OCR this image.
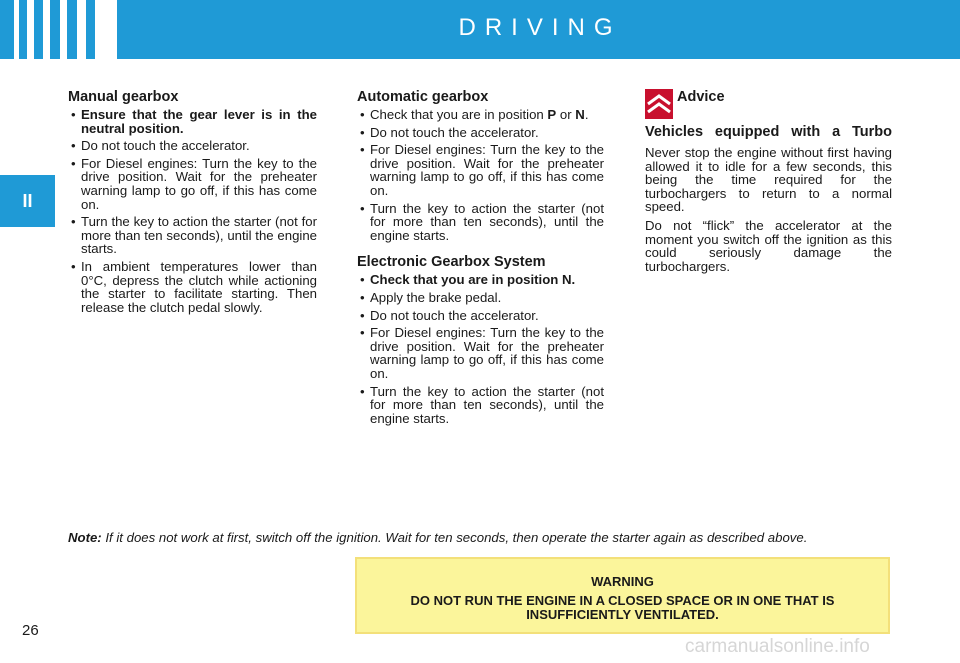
DRIVING
II
Manual gearbox
• Ensure that the gear lever is in the neutral position.
• Do not touch the accelerator.
• For Diesel engines: Turn the key to the drive position. Wait for the preheater warning lamp to go off, if this has come on.
• Turn the key to action the starter (not for more than ten seconds), until the engine starts.
• In ambient temperatures lower than 0°C, depress the clutch while actioning the starter to facilitate starting. Then release the clutch pedal slowly.
Automatic gearbox
• Check that you are in position P or N.
• Do not touch the accelerator.
• For Diesel engines: Turn the key to the drive position. Wait for the preheater warning lamp to go off, if this has come on.
• Turn the key to action the starter (not for more than ten seconds), until the engine starts.
Electronic Gearbox System
• Check that you are in position N.
• Apply the brake pedal.
• Do not touch the accelerator.
• For Diesel engines: Turn the key to the drive position. Wait for the preheater warning lamp to go off, if this has come on.
• Turn the key to action the starter (not for more than ten seconds), until the engine starts.
Advice
Vehicles equipped with a Turbo

Never stop the engine without first having allowed it to idle for a few seconds, this being the time required for the turbochargers to return to a normal speed.

Do not “flick” the accelerator at the moment you switch off the ignition as this could seriously damage the turbochargers.

Note: If it does not work at first, switch off the ignition. Wait for ten seconds, then operate the starter again as described above.
WARNING
DO NOT RUN THE ENGINE IN A CLOSED SPACE OR IN ONE THAT IS INSUFFICIENTLY VENTILATED.
26
carmanualsonline.info
